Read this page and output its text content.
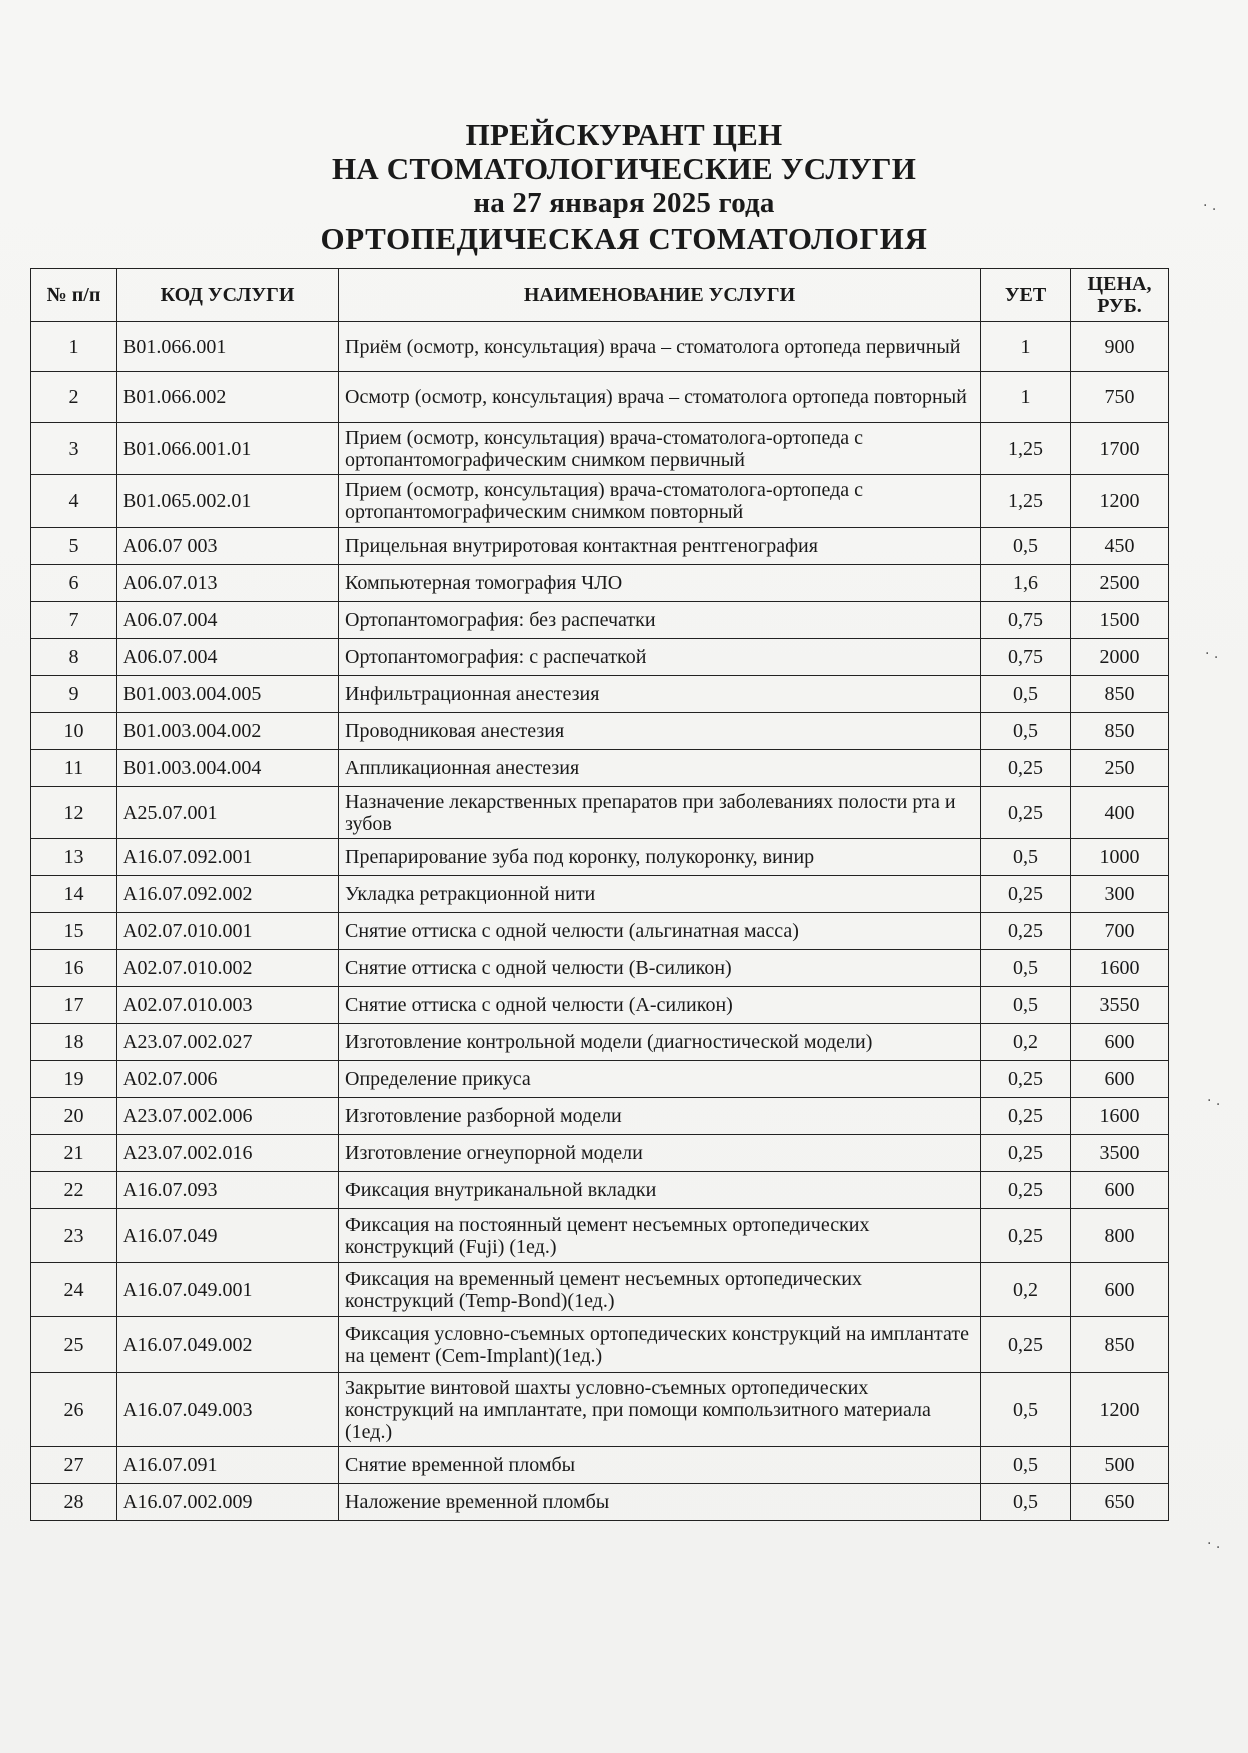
ПРЕЙСКУРАНТ ЦЕН
НА СТОМАТОЛОГИЧЕСКИЕ УСЛУГИ
на 27 января 2025 года
ОРТОПЕДИЧЕСКАЯ СТОМАТОЛОГИЯ
№ п/п	КОД УСЛУГИ	НАИМЕНОВАНИЕ УСЛУГИ	УЕТ	ЦЕНА, РУБ.
1	В01.066.001	Приём (осмотр, консультация) врача – стоматолога ортопеда первичный	1	900
2	В01.066.002	Осмотр (осмотр, консультация) врача – стоматолога ортопеда повторный	1	750
3	В01.066.001.01	Прием (осмотр, консультация) врача-стоматолога-ортопеда с ортопантомографическим снимком первичный	1,25	1700
4	В01.065.002.01	Прием (осмотр, консультация) врача-стоматолога-ортопеда с ортопантомографическим снимком повторный	1,25	1200
5	А06.07 003	Прицельная внутриротовая контактная рентгенография	0,5	450
6	А06.07.013	Компьютерная томография ЧЛО	1,6	2500
7	А06.07.004	Ортопантомография: без распечатки	0,75	1500
8	А06.07.004	Ортопантомография: с распечаткой	0,75	2000
9	В01.003.004.005	Инфильтрационная анестезия	0,5	850
10	В01.003.004.002	Проводниковая анестезия	0,5	850
11	В01.003.004.004	Аппликационная анестезия	0,25	250
12	А25.07.001	Назначение лекарственных препаратов при заболеваниях полости рта и зубов	0,25	400
13	А16.07.092.001	Препарирование зуба под коронку, полукоронку, винир	0,5	1000
14	А16.07.092.002	Укладка ретракционной нити	0,25	300
15	А02.07.010.001	Снятие оттиска с одной челюсти (альгинатная масса)	0,25	700
16	А02.07.010.002	Снятие оттиска с одной челюсти (В-силикон)	0,5	1600
17	А02.07.010.003	Снятие оттиска с одной челюсти (А-силикон)	0,5	3550
18	А23.07.002.027	Изготовление контрольной модели (диагностической модели)	0,2	600
19	А02.07.006	Определение прикуса	0,25	600
20	А23.07.002.006	Изготовление разборной модели	0,25	1600
21	А23.07.002.016	Изготовление огнеупорной модели	0,25	3500
22	А16.07.093	Фиксация внутриканальной вкладки	0,25	600
23	А16.07.049	Фиксация на постоянный цемент несъемных ортопедических конструкций (Fuji) (1ед.)	0,25	800
24	А16.07.049.001	Фиксация на временный цемент несъемных ортопедических конструкций (Temp-Bond)(1ед.)	0,2	600
25	А16.07.049.002	Фиксация условно-съемных ортопедических конструкций на имплантате на цемент (Cem-Implant)(1ед.)	0,25	850
26	А16.07.049.003	Закрытие винтовой шахты условно-съемных ортопедических конструкций на имплантате, при помощи компользитного материала (1ед.)	0,5	1200
27	А16.07.091	Снятие временной пломбы	0,5	500
28	А16.07.002.009	Наложение временной пломбы	0,5	650
· .
· .
· .
· .
